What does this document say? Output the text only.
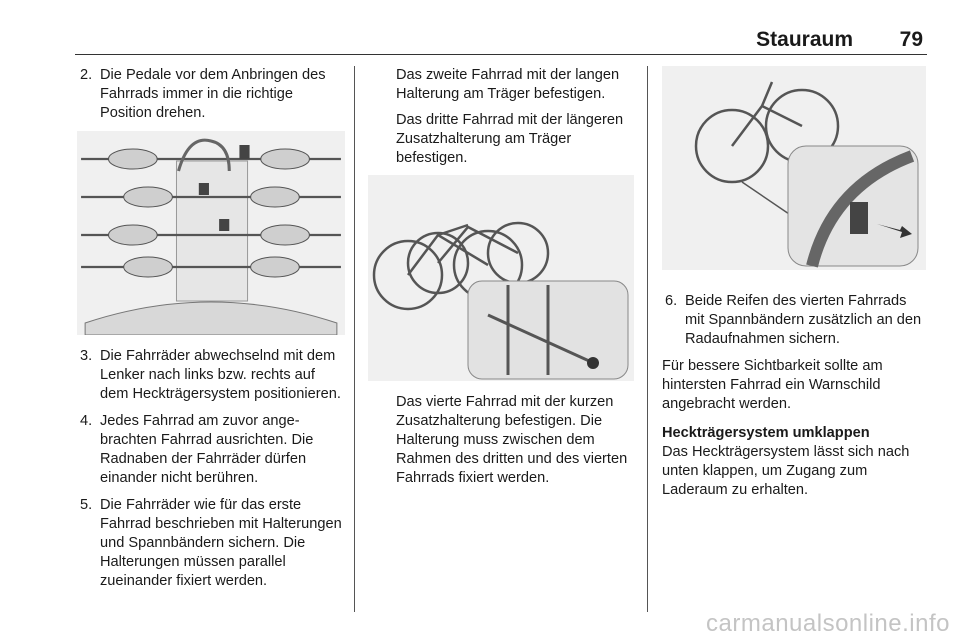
Stauraum 79
2. Die Pedale vor dem Anbringen des Fahrrads immer in die richtige Position drehen.
3. Die Fahrräder abwechselnd mit dem Lenker nach links bzw. rechts auf dem Heckträgersystem positionieren.
4. Jedes Fahrrad am zuvor angebrachten Fahrrad ausrichten. Die Radnaben der Fahrräder dürfen einander nicht berühren.
5. Die Fahrräder wie für das erste Fahrrad beschrieben mit Halterungen und Spannbändern sichern. Die Halterungen müssen parallel zueinander fixiert werden.
Das zweite Fahrrad mit der langen Halterung am Träger befestigen.
Das dritte Fahrrad mit der längeren Zusatzhalterung am Träger befestigen.
Das vierte Fahrrad mit der kurzen Zusatzhalterung befestigen. Die Halterung muss zwischen dem Rahmen des dritten und des vierten Fahrrads fixiert werden.
6. Beide Reifen des vierten Fahrrads mit Spannbändern zusätzlich an den Radaufnahmen sichern.
Für bessere Sichtbarkeit sollte am hintersten Fahrrad ein Warnschild angebracht werden.
Heckträgersystem umklappen
Das Heckträgersystem lässt sich nach unten klappen, um Zugang zum Laderaum zu erhalten.
carmanualsonline.info
